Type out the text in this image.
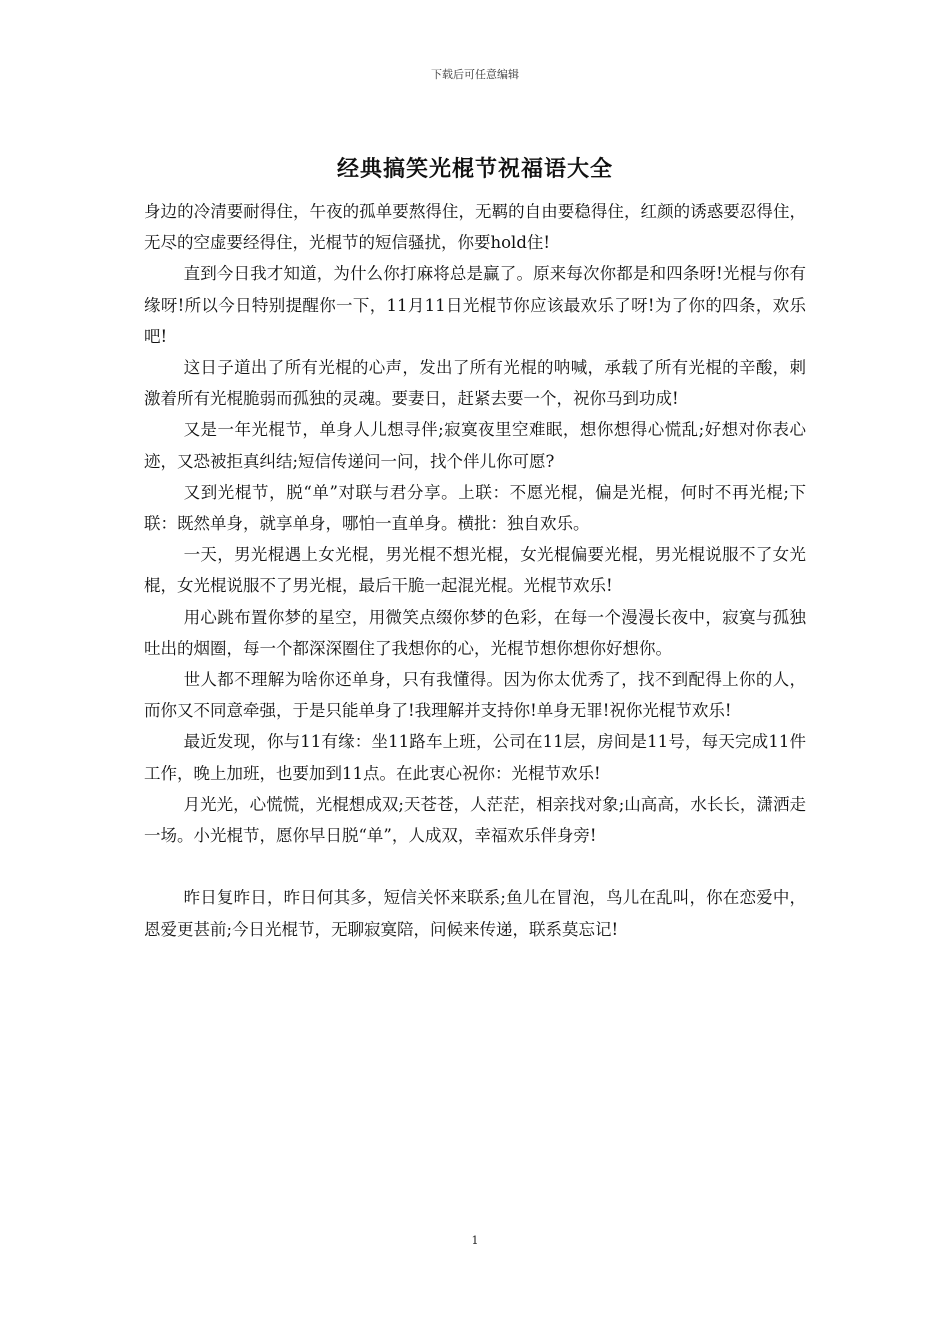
下载后可任意编辑
经典搞笑光棍节祝福语大全

身边的冷清要耐得住，午夜的孤单要熬得住，无羁的自由要稳得住，红颜的诱惑要忍得住，无尽的空虚要经得住，光棍节的短信骚扰，你要hold住!

直到今日我才知道，为什么你打麻将总是赢了。原来每次你都是和四条呀!光棍与你有缘呀!所以今日特别提醒你一下，11月11日光棍节你应该最欢乐了呀!为了你的四条，欢乐吧!

这日子道出了所有光棍的心声，发出了所有光棍的呐喊，承载了所有光棍的辛酸，刺激着所有光棍脆弱而孤独的灵魂。要妻日，赶紧去要一个，祝你马到功成!

又是一年光棍节，单身人儿想寻伴;寂寞夜里空难眠，想你想得心慌乱;好想对你表心迹，又恐被拒真纠结;短信传递问一问，找个伴儿你可愿?

又到光棍节，脱“单”对联与君分享。上联：不愿光棍，偏是光棍，何时不再光棍;下联：既然单身，就享单身，哪怕一直单身。横批：独自欢乐。

一天，男光棍遇上女光棍，男光棍不想光棍，女光棍偏要光棍，男光棍说服不了女光棍，女光棍说服不了男光棍，最后干脆一起混光棍。光棍节欢乐!

用心跳布置你梦的星空，用微笑点缀你梦的色彩，在每一个漫漫长夜中，寂寞与孤独吐出的烟圈，每一个都深深圈住了我想你的心，光棍节想你想你好想你。

世人都不理解为啥你还单身，只有我懂得。因为你太优秀了，找不到配得上你的人，而你又不同意牵强，于是只能单身了!我理解并支持你!单身无罪!祝你光棍节欢乐!

最近发现，你与11有缘：坐11路车上班，公司在11层，房间是11号，每天完成11件工作，晚上加班，也要加到11点。在此衷心祝你：光棍节欢乐!

月光光，心慌慌，光棍想成双;天苍苍，人茫茫，相亲找对象;山高高，水长长，潇洒走一场。小光棍节，愿你早日脱“单”，人成双，幸福欢乐伴身旁!

昨日复昨日，昨日何其多，短信关怀来联系;鱼儿在冒泡，鸟儿在乱叫，你在恋爱中，恩爱更甚前;今日光棍节，无聊寂寞陪，问候来传递，联系莫忘记!

1
